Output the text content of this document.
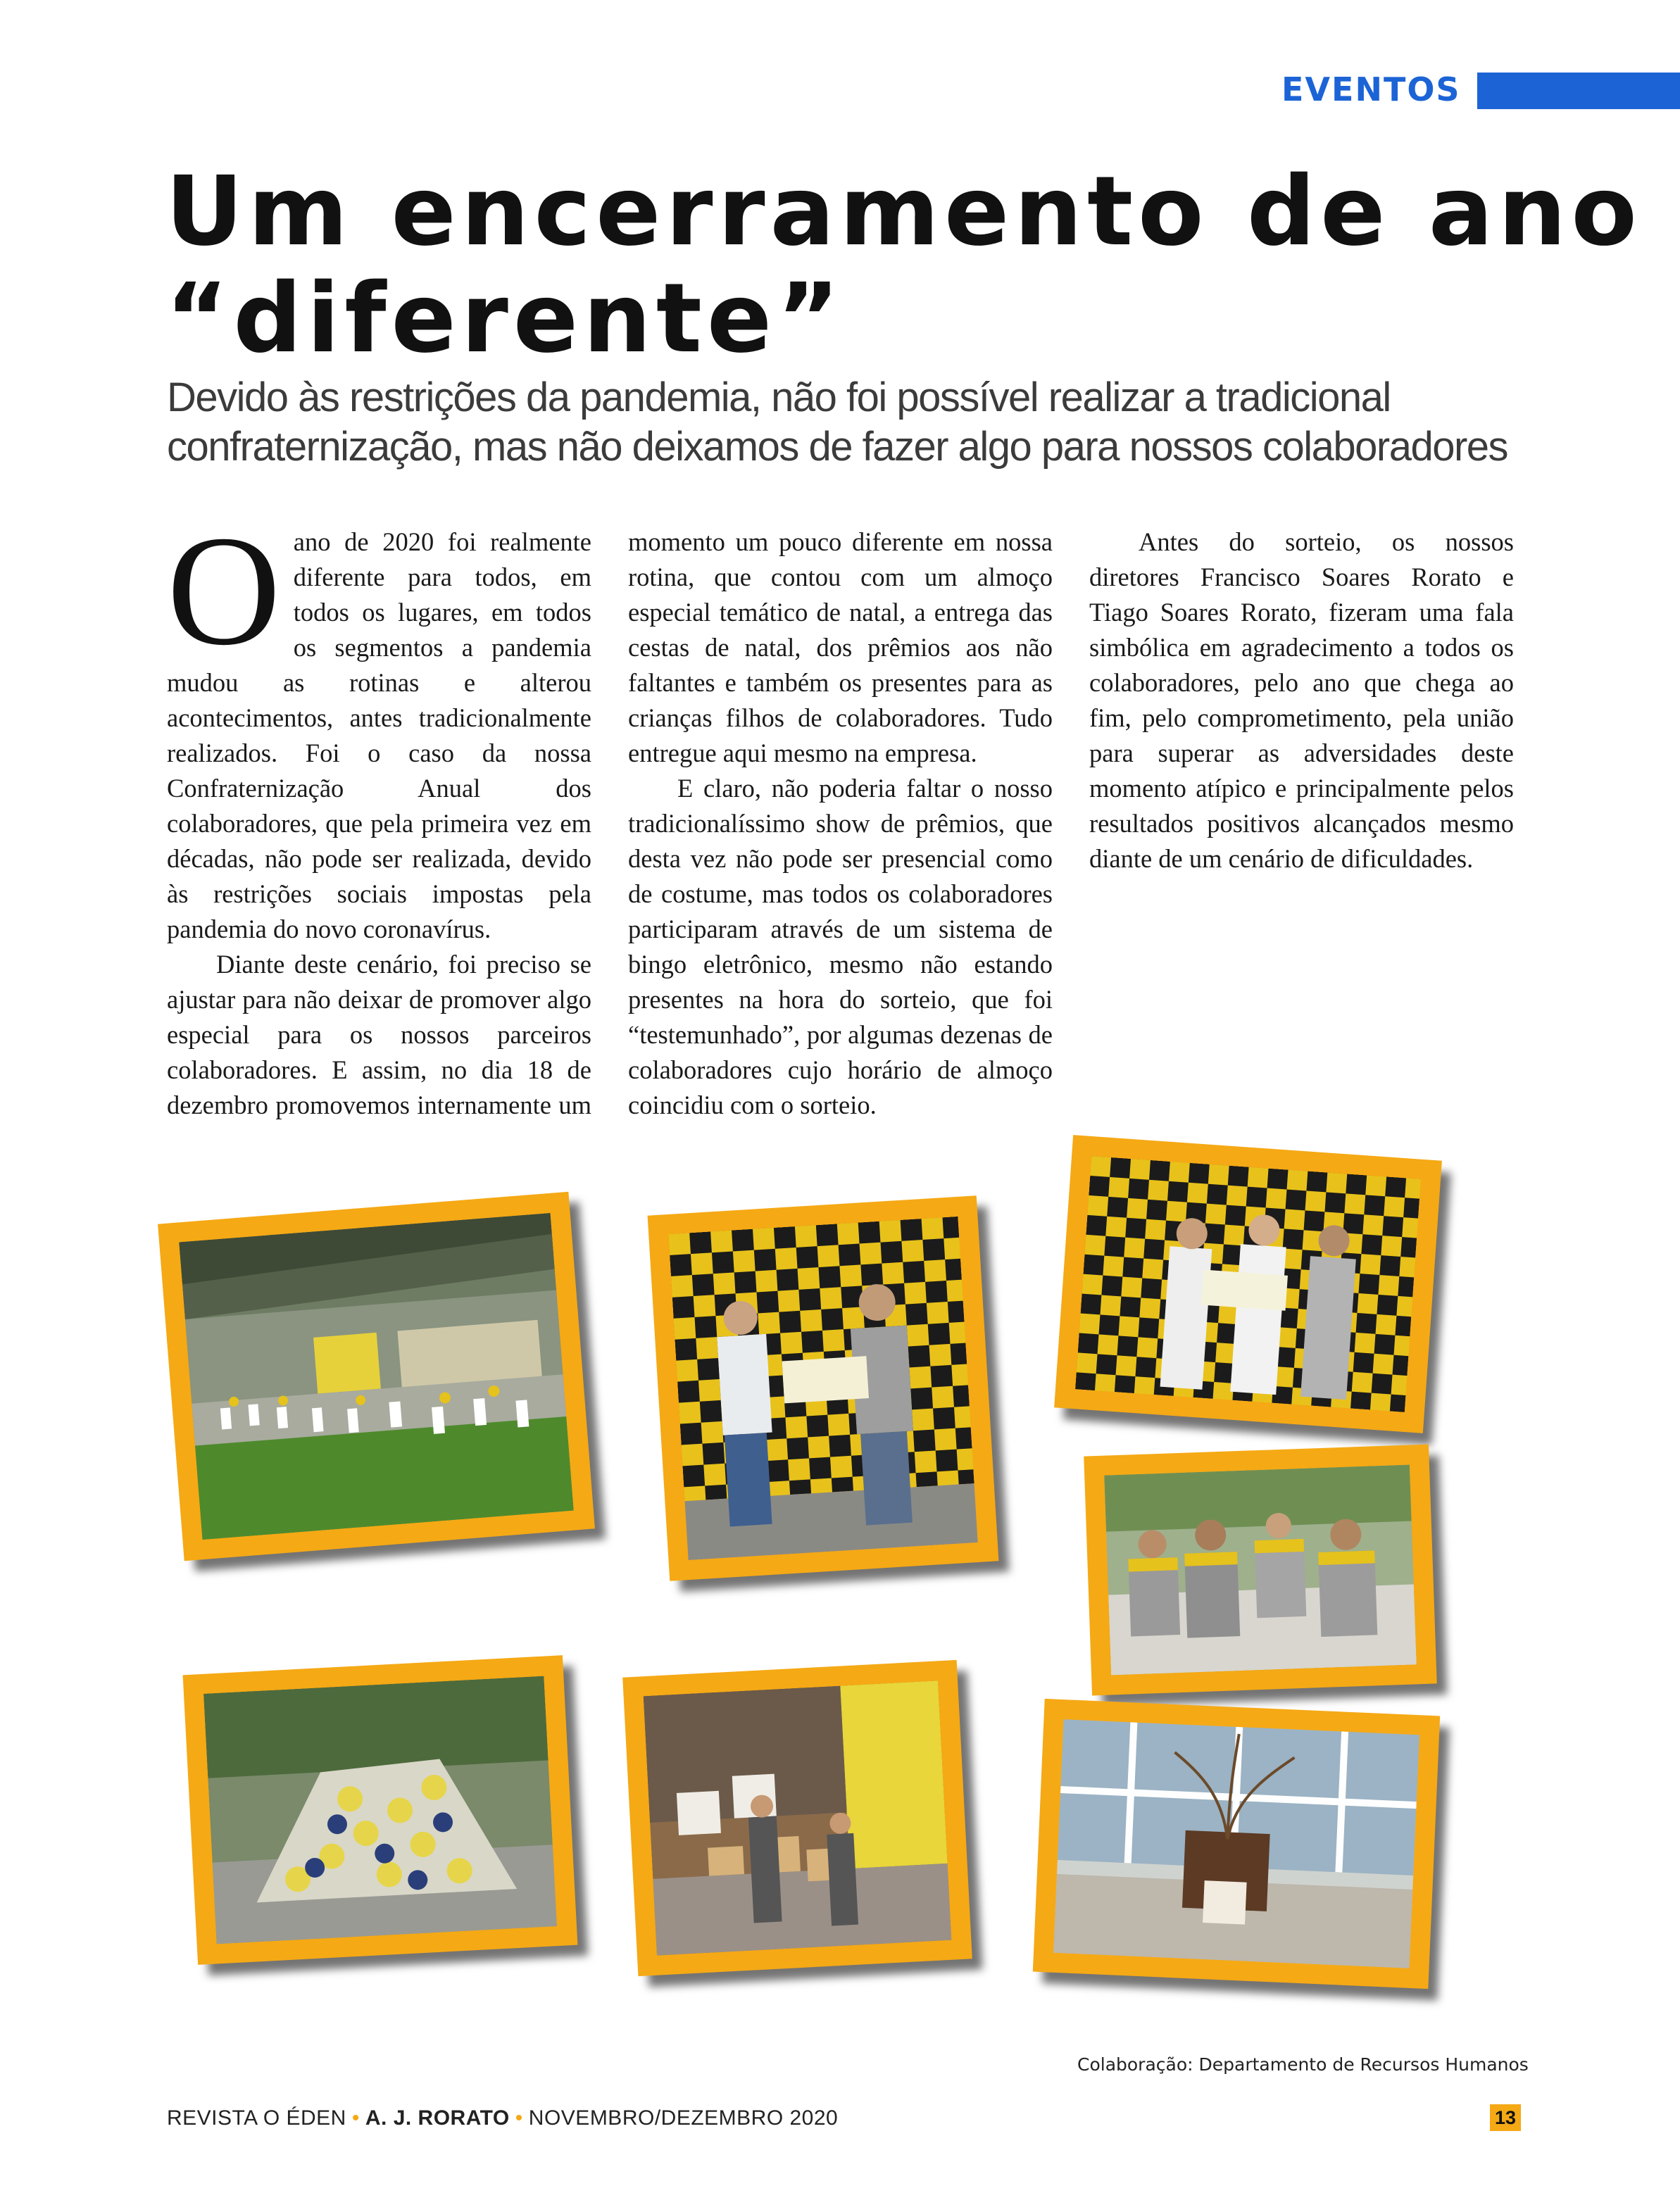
EVENTOS
Um encerramento de ano
“diferente”
Devido às restrições da pandemia, não foi possível realizar a tradicional
confraternização, mas não deixamos de fazer algo para nossos colaboradores

Oano de 2020 foi realmente diferente para todos, em todos os lugares, em todos os segmentos a pandemia mudou as rotinas e alterou acontecimentos, antes tradicionalmente realizados. Foi o caso da nossa Confraternização Anual dos colaboradores, que pela primeira vez em décadas, não pode ser realizada, devido às restrições sociais impostas pela pandemia do novo coronavírus.

Diante deste cenário, foi preciso se ajustar para não deixar de promover algo especial para os nossos parceiros colaboradores. E assim, no dia 18 de dezembro promovemos internamente um momento um pouco diferente em nossa rotina, que contou com um almoço especial temático de natal, a entrega das cestas de natal, dos prêmios aos não faltantes e também os presentes para as crianças filhos de colaboradores. Tudo entregue aqui mesmo na empresa.

E claro, não poderia faltar o nosso tradicionalíssimo show de prêmios, que desta vez não pode ser presencial como de costume, mas todos os colaboradores participaram através de um sistema de bingo eletrônico, mesmo não estando presentes na hora do sorteio, que foi “testemunhado”, por algumas dezenas de colaboradores cujo horário de almoço coincidiu com o sorteio.

Antes do sorteio, os nossos diretores Francisco Soares Rorato e Tiago Soares Rorato, fizeram uma fala simbólica em agradecimento a todos os colaboradores, pelo ano que chega ao fim, pelo comprometimento, pela união para superar as adversidades deste momento atípico e principalmente pelos resultados positivos alcançados mesmo diante de um cenário de dificuldades.

Colaboração: Departamento de Recursos Humanos
REVISTA O ÉDEN • A. J. RORATO • NOVEMBRO/DEZEMBRO 2020	13
